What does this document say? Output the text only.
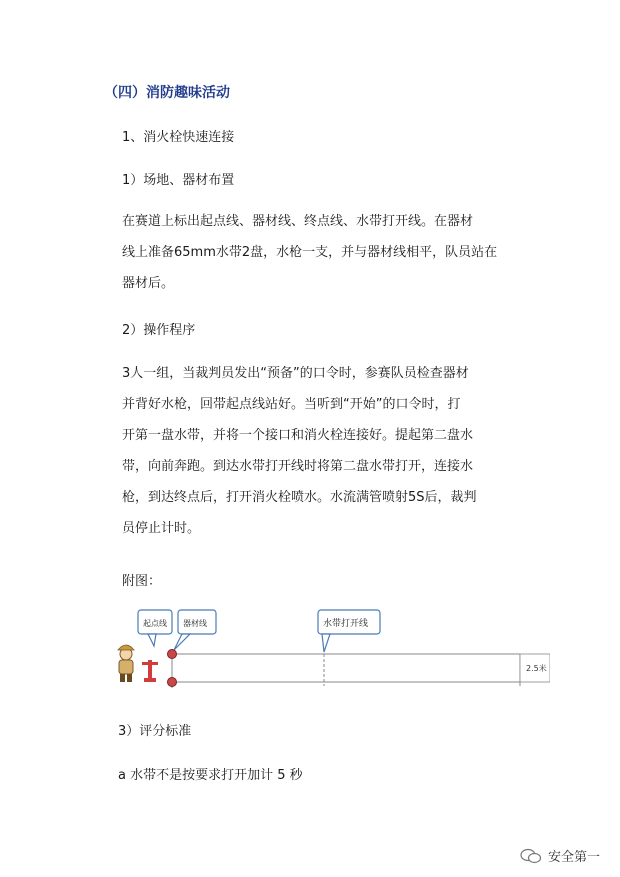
（四）消防趣味活动
1、消火栓快速连接
1）场地、器材布置
在赛道上标出起点线、器材线、终点线、水带打开线。在器材
线上准备65mm水带2盘，水枪一支，并与器材线相平，队员站在
器材后。
2）操作程序
3人一组，当裁判员发出“预备”的口令时，参赛队员检查器材
并背好水枪，回带起点线站好。当听到“开始”的口令时，打
开第一盘水带，并将一个接口和消火栓连接好。提起第二盘水
带，向前奔跑。到达水带打开线时将第二盘水带打开，连接水
枪，到达终点后，打开消火栓喷水。水流满管喷射5S后，裁判
员停止计时。
附图：
2.5米
起点线 器材线	水带打开线
3）评分标准
a 水带不是按要求打开加计 5 秒
安全第一
